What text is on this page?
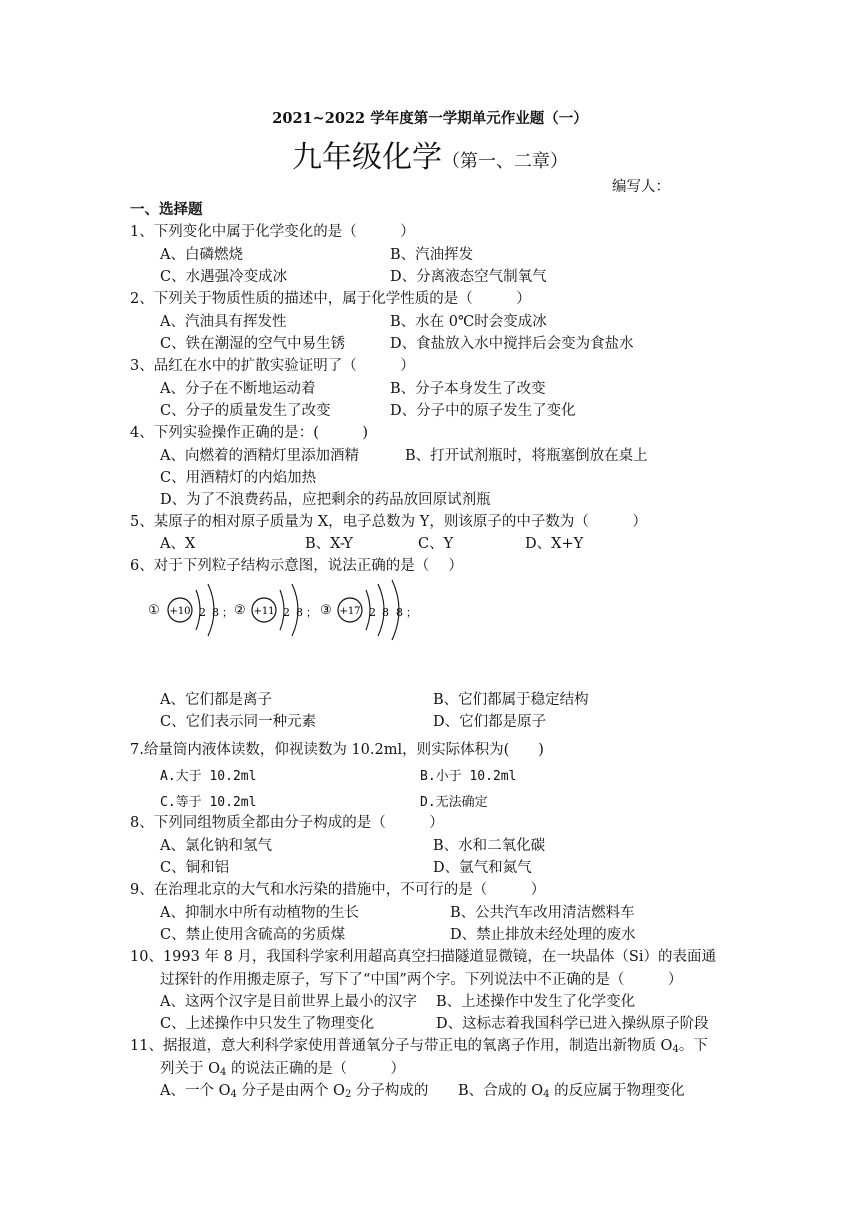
2021~2022 学年度第一学期单元作业题（一）
九年级化学（第一、二章）
编写人：
一、选择题
1、下列变化中属于化学变化的是（　　　）
A、白磷燃烧	B、汽油挥发
C、水遇强冷变成冰	D、分离液态空气制氧气
2、下列关于物质性质的描述中，属于化学性质的是（　　　）
A、汽油具有挥发性	B、水在 0℃时会变成冰
C、铁在潮湿的空气中易生锈	D、食盐放入水中搅拌后会变为食盐水
3、品红在水中的扩散实验证明了（　　　）
A、分子在不断地运动着	B、分子本身发生了改变
C、分子的质量发生了改变	D、分子中的原子发生了变化
4、下列实验操作正确的是：(　　　)
A、向燃着的酒精灯里添加酒精	B、打开试剂瓶时，将瓶塞倒放在桌上
C、用酒精灯的内焰加热
D、为了不浪费药品，应把剩余的药品放回原试剂瓶
5、某原子的相对原子质量为 X，电子总数为 Y，则该原子的中子数为（　　　）
A、X	B、X-Y	C、Y	D、X+Y
6、对于下列粒子结构示意图，说法正确的是（　 ）
① +10 2 8 ； ② +11 2 8 ； ③ +17 2 8 8 ；
A、它们都是离子	B、它们都属于稳定结构
C、它们表示同一种元素	D、它们都是原子
7.给量筒内液体读数，仰视读数为 10.2ml，则实际体积为(　　)
A.大于 10.2ml	B.小于 10.2ml
C.等于 10.2ml	D.无法确定
8、下列同组物质全都由分子构成的是（　　　）
A、氯化钠和氢气	B、水和二氧化碳
C、铜和铝	D、氩气和氮气
9、在治理北京的大气和水污染的措施中，不可行的是（　　　）
A、抑制水中所有动植物的生长	B、公共汽车改用清洁燃料车
C、禁止使用含硫高的劣质煤	D、禁止排放未经处理的废水
10、1993 年 8 月，我国科学家利用超高真空扫描隧道显微镜，在一块晶体（Si）的表面通
过探针的作用搬走原子，写下了“中国”两个字。下列说法中不正确的是（　　　）
A、这两个汉字是目前世界上最小的汉字 B、上述操作中发生了化学变化
C、上述操作中只发生了物理变化	D、这标志着我国科学已进入操纵原子阶段
11、据报道，意大利科学家使用普通氧分子与带正电的氧离子作用，制造出新物质 $O_4$。下
列关于 $O_4$ 的说法正确的是（　　　）
A、一个 $O_4$ 分子是由两个 $O_2$ 分子构成的 B、合成的 $O_4$ 的反应属于物理变化
